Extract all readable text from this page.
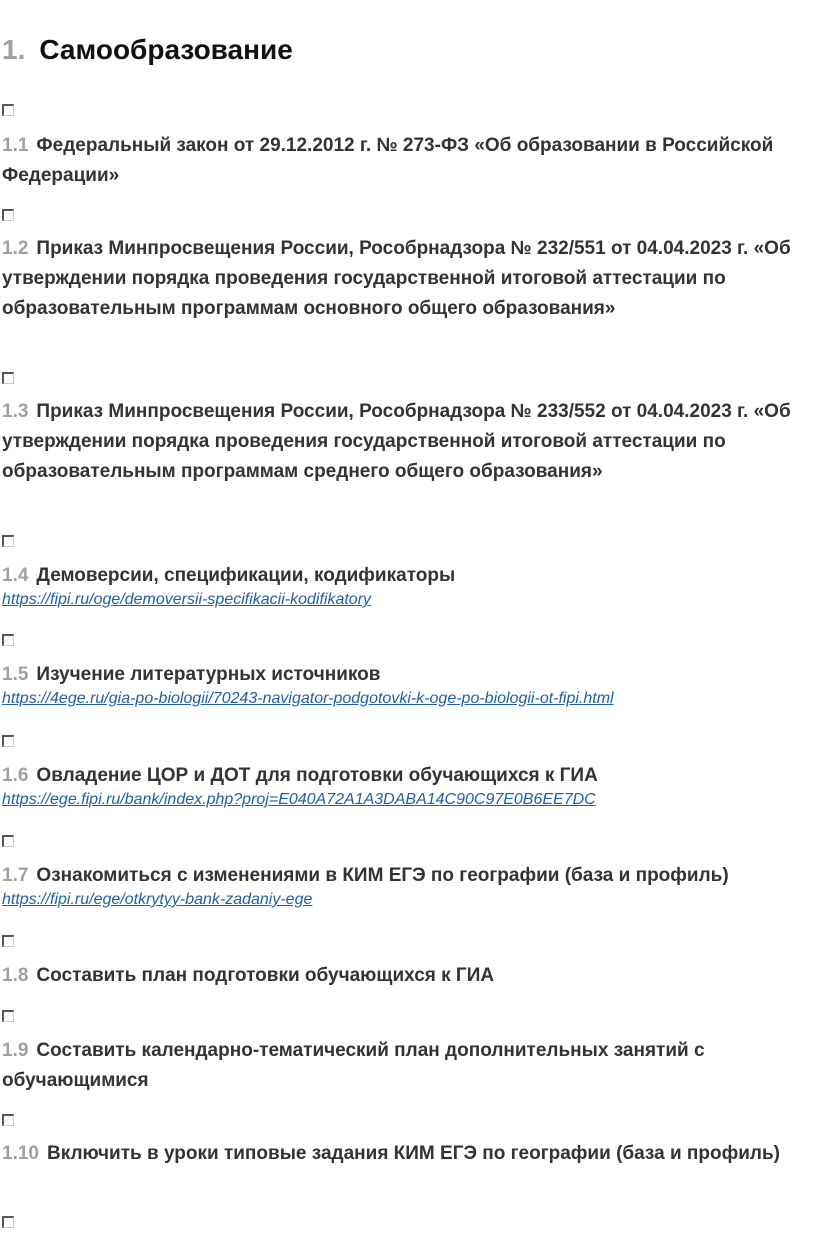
1. Самообразование
1.1 Федеральный закон от 29.12.2012 г. № 273-ФЗ «Об образовании в Российской Федерации»
1.2 Приказ Минпросвещения России, Рособрнадзора № 232/551 от 04.04.2023 г. «Об утверждении порядка проведения государственной итоговой аттестации по образовательным программам основного общего образования»
1.3 Приказ Минпросвещения России, Рособрнадзора № 233/552 от 04.04.2023 г. «Об утверждении порядка проведения государственной итоговой аттестации по образовательным программам среднего общего образования»
1.4 Демоверсии, спецификации, кодификаторы
https://fipi.ru/oge/demoversii-specifikacii-kodifikatory
1.5 Изучение литературных источников
https://4ege.ru/gia-po-biologii/70243-navigator-podgotovki-k-oge-po-biologii-ot-fipi.html
1.6 Овладение ЦОР и ДОТ для подготовки обучающихся к ГИА
https://ege.fipi.ru/bank/index.php?proj=E040A72A1A3DABA14C90C97E0B6EE7DC
1.7 Ознакомиться с изменениями в КИМ ЕГЭ по географии (база и профиль)
https://fipi.ru/ege/otkrytyy-bank-zadaniy-ege
1.8 Составить план подготовки обучающихся к ГИА
1.9 Составить календарно-тематический план дополнительных занятий с обучающимися
1.10 Включить в уроки типовые задания КИМ ЕГЭ по географии (база и профиль)
